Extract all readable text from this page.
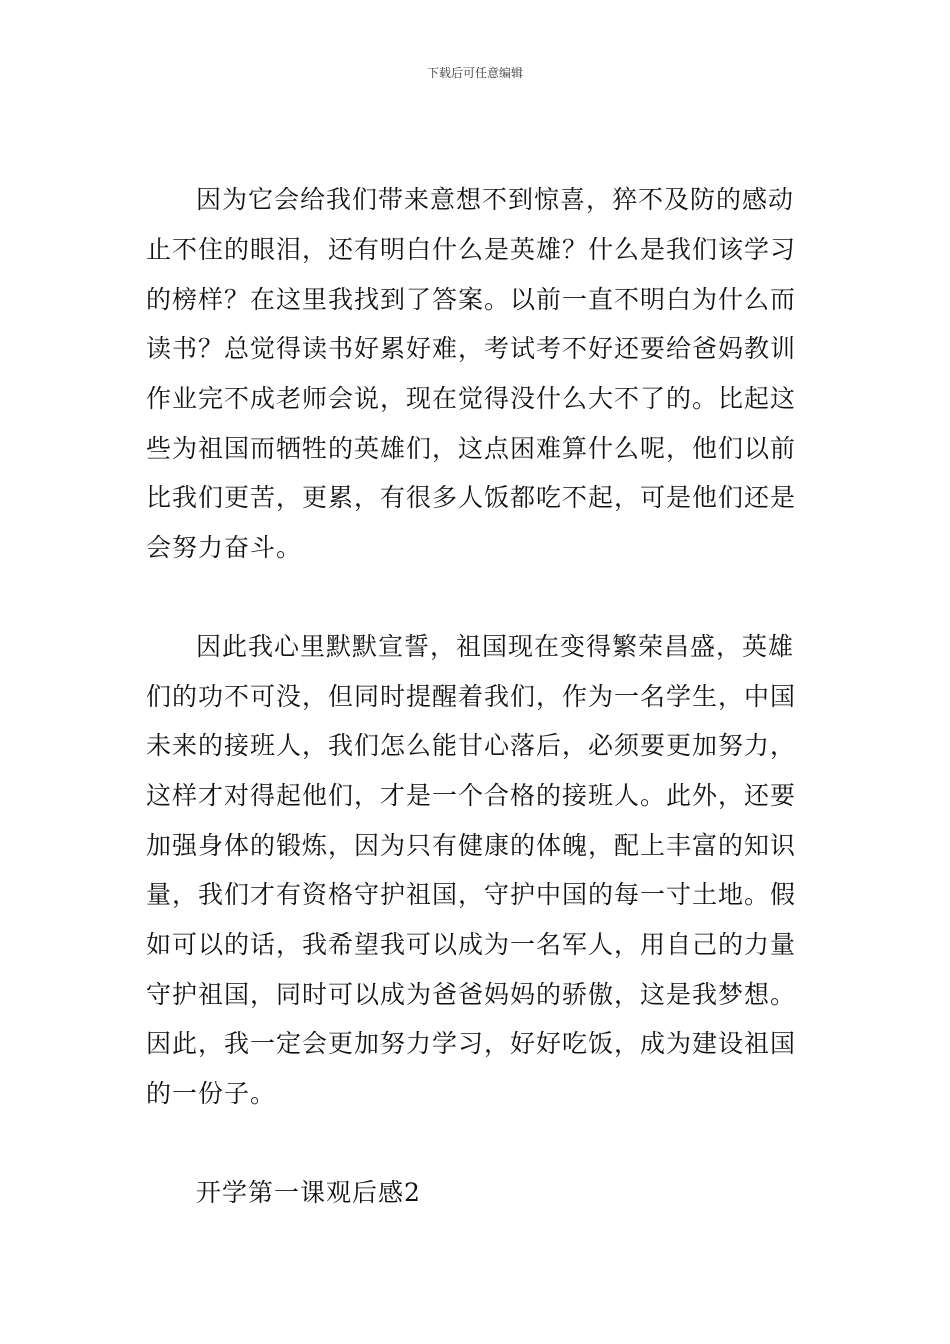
下载后可任意编辑
因为它会给我们带来意想不到惊喜，猝不及防的感动
止不住的眼泪，还有明白什么是英雄？什么是我们该学习
的榜样？在这里我找到了答案。以前一直不明白为什么而
读书？总觉得读书好累好难，考试考不好还要给爸妈教训
作业完不成老师会说，现在觉得没什么大不了的。比起这
些为祖国而牺牲的英雄们，这点困难算什么呢，他们以前
比我们更苦，更累，有很多人饭都吃不起，可是他们还是
会努力奋斗。
因此我心里默默宣誓，祖国现在变得繁荣昌盛，英雄
们的功不可没，但同时提醒着我们，作为一名学生，中国
未来的接班人，我们怎么能甘心落后，必须要更加努力，
这样才对得起他们，才是一个合格的接班人。此外，还要
加强身体的锻炼，因为只有健康的体魄，配上丰富的知识
量，我们才有资格守护祖国，守护中国的每一寸土地。假
如可以的话，我希望我可以成为一名军人，用自己的力量
守护祖国，同时可以成为爸爸妈妈的骄傲，这是我梦想。
因此，我一定会更加努力学习，好好吃饭，成为建设祖国
的一份子。
开学第一课观后感2
